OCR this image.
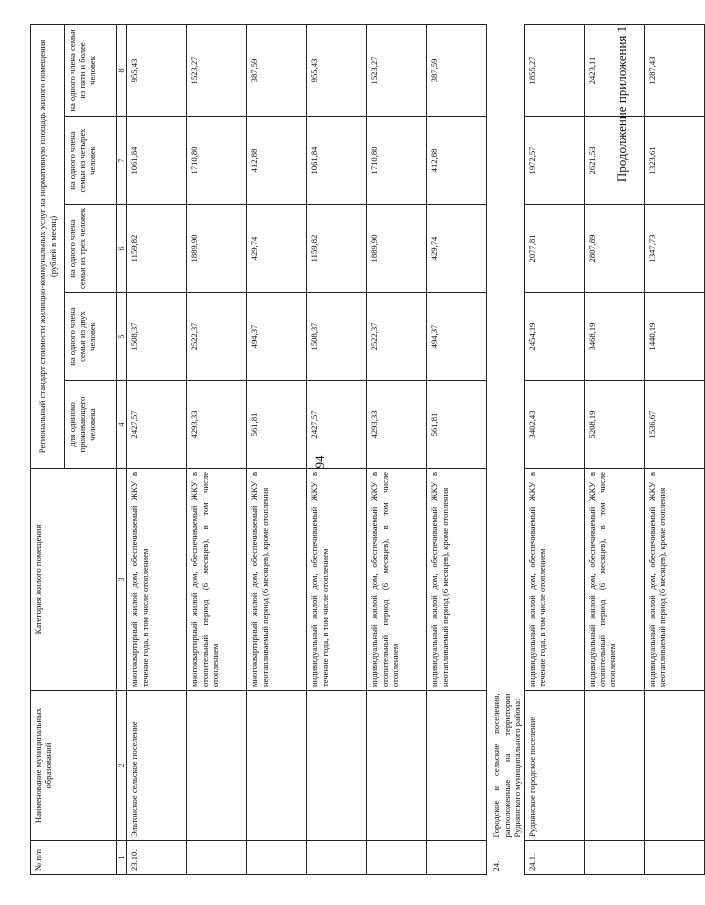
94
Продолжение приложения 1
№ п/п	Наименование муниципальных образований	Категория жилого помещения	Региональный стандарт стоимости жилищно-коммунальных услуг на нормативную площадь жилого помещения (рублей в месяц)				
			для одиноко проживающего человека	на одного члена семьи из двух человек	на одного члена семьи из трех человек	на одного члена семьи из четырех человек	на одного члена семьи из пяти и более человек
1	2	3	4	5	6	7	8
23.10.	Эльтонское сельское поселение	многоквартирный жилой дом, обеспечиваемый ЖКУ в течение года, в том числе отоплением	2427,57	1508,37	1159,82	1061,84	955,43
		многоквартирный жилой дом, обеспечиваемый ЖКУ в отопительный период (6 месяцев), в том числе отоплением	4293,33	2522,37	1889,90	1710,80	1523,27
		многоквартирный жилой дом, обеспечиваемый ЖКУ в неотапливаемый период (6 месяцев), кроме отопления	561,81	494,37	429,74	412,88	387,59
		индивидуальный жилой дом, обеспечиваемый ЖКУ в течение года, в том числе отоплением	2427,57	1508,37	1159,82	1061,84	955,43
		индивидуальный жилой дом, обеспечиваемый ЖКУ в отопительный период (6 месяцев), в том числе отоплением	4293,33	2522,37	1889,90	1710,80	1523,27
		индивидуальный жилой дом, обеспечиваемый ЖКУ в неотапливаемый период (6 месяцев), кроме отопления	561,81	494,37	429,74	412,88	387,59
24.	Городское и сельские поселения, расположенные на территории Руднянского муниципального района:						
24.1.	Руднянское городское поселение	индивидуальный жилой дом, обеспечиваемый ЖКУ в течение года, в том числе отоплением	3402,43	2454,19	2077,81	1972,57	1855,27
		индивидуальный жилой дом, обеспечиваемый ЖКУ в отопительный период (6 месяцев), в том числе отоплением	5208,19	3468,19	2807,89	2621,53	2423,11
		индивидуальный жилой дом, обеспечиваемый ЖКУ в неотапливаемый период (6 месяцев), кроме отопления	1536,67	1440,19	1347,73	1323,61	1287,43
